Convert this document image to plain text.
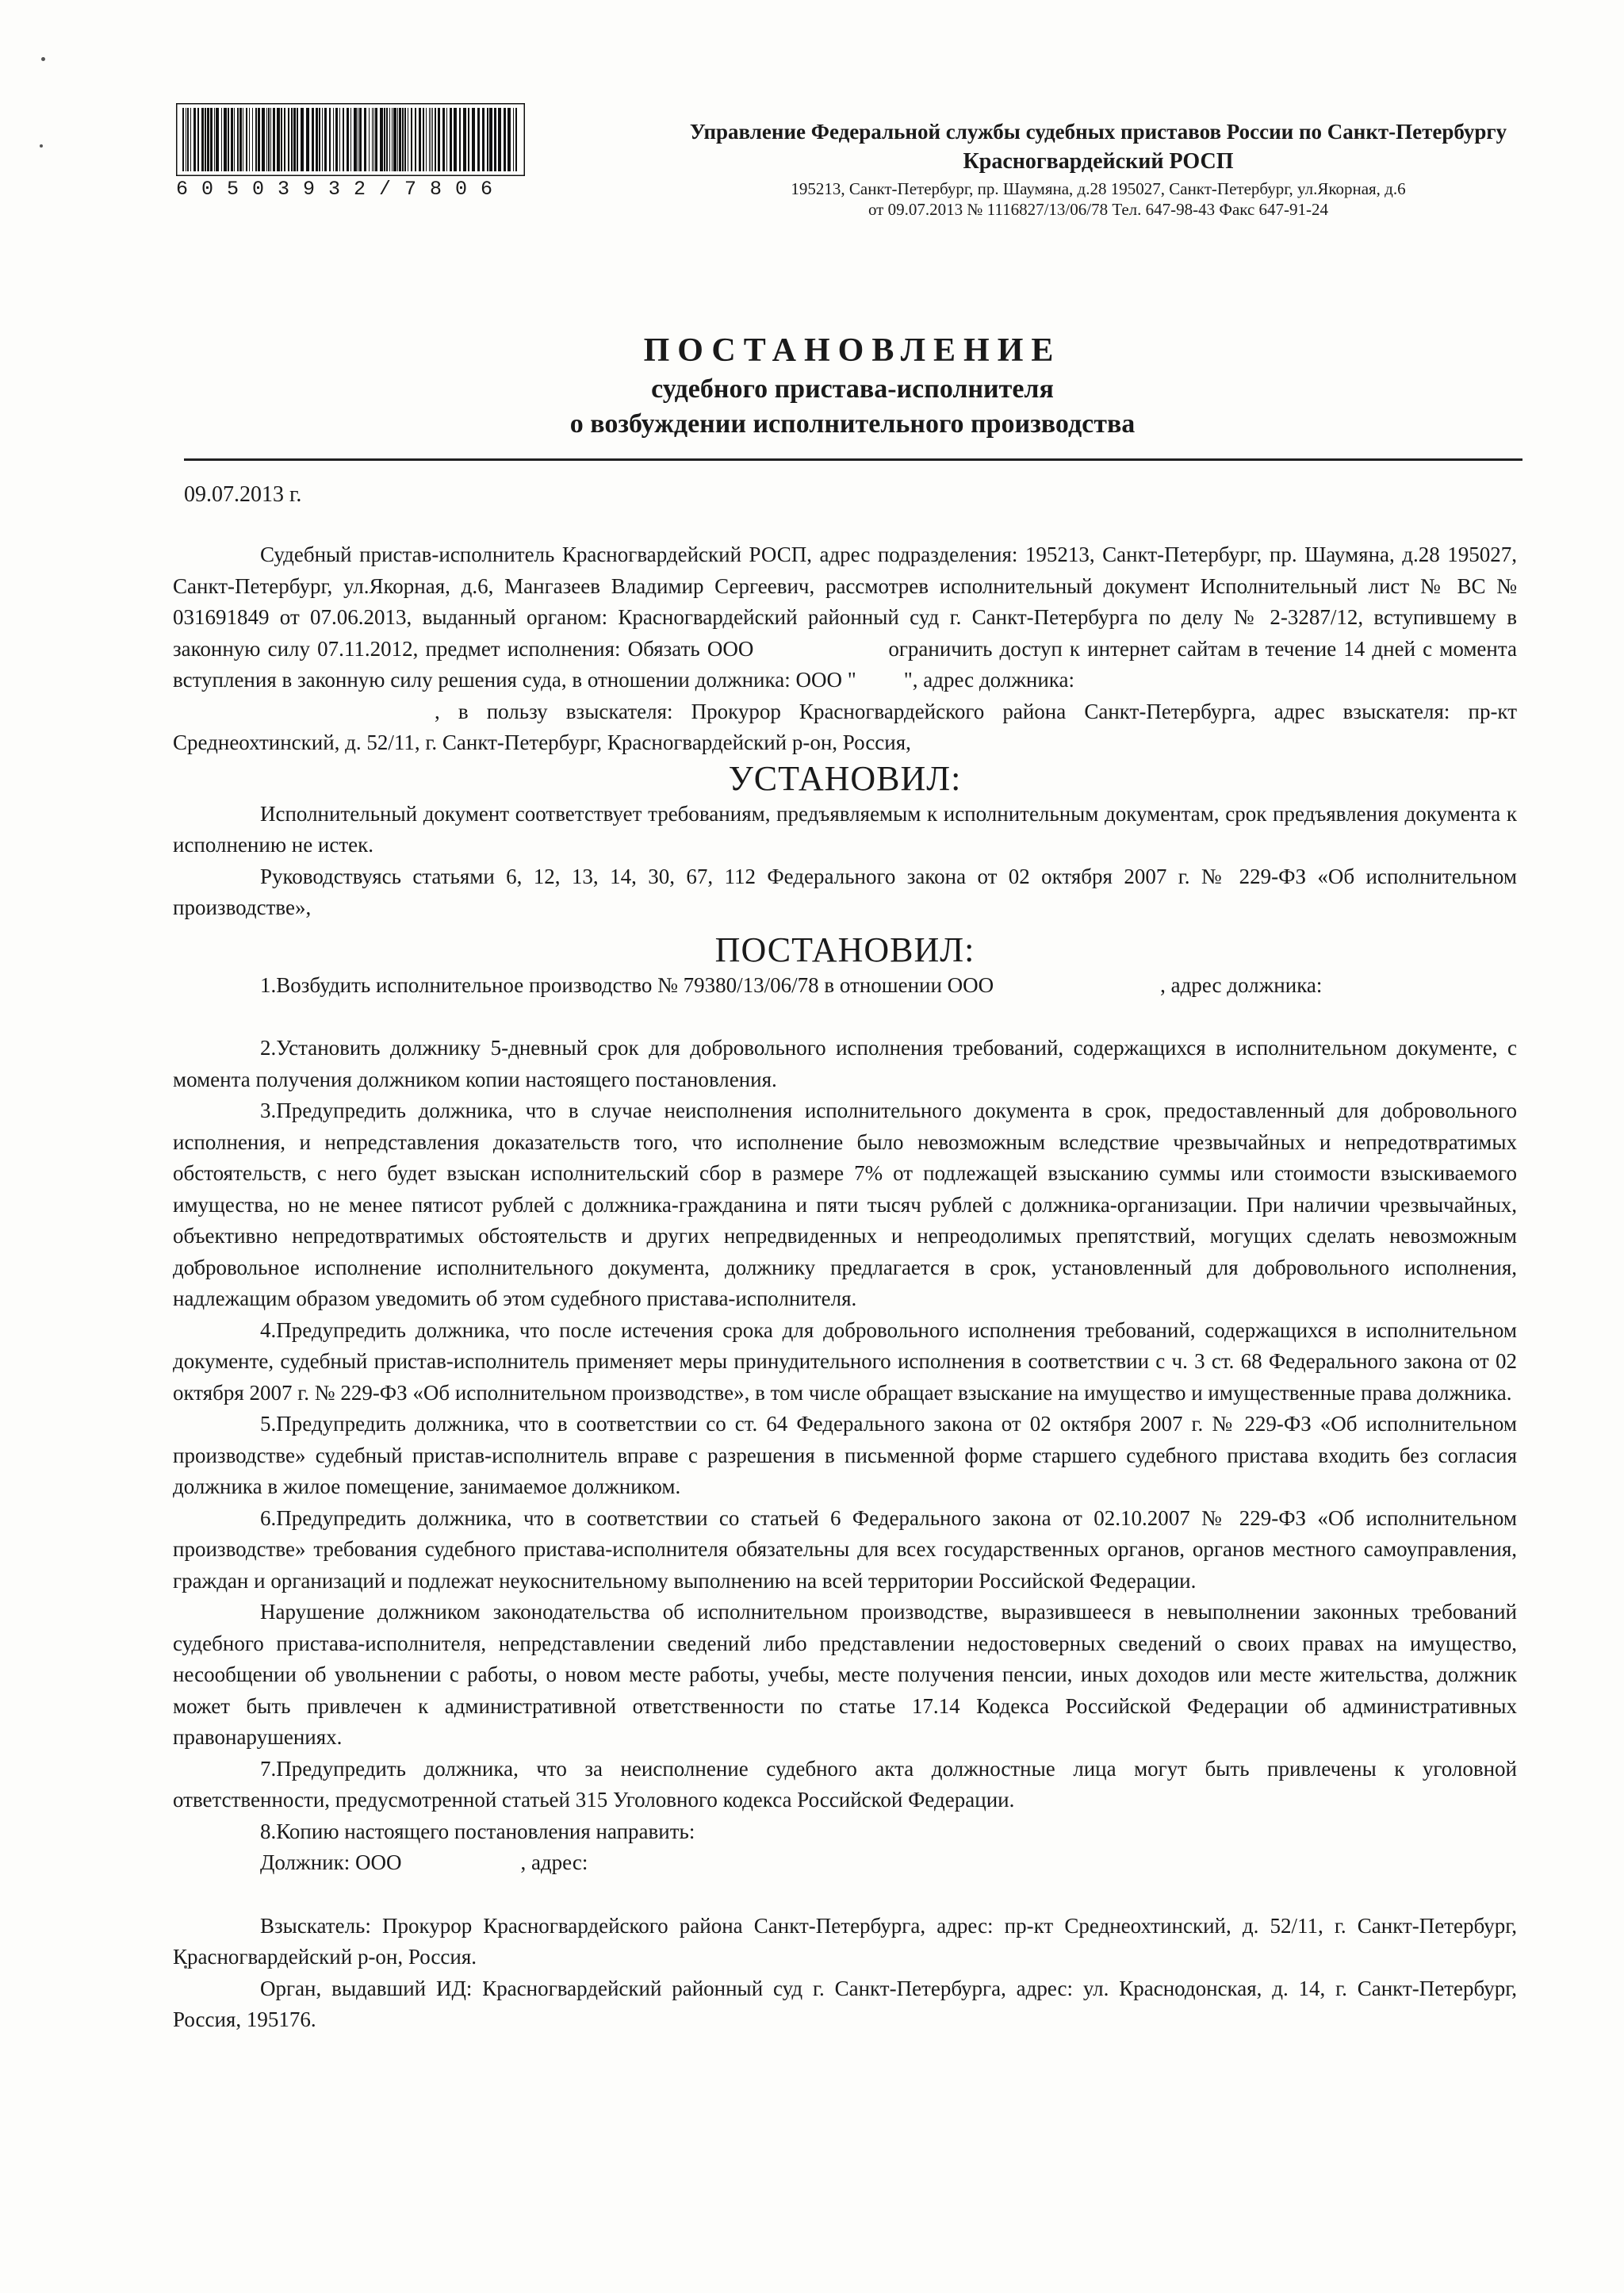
60503932/7806
Управление Федеральной службы судебных приставов России по Санкт-Петербургу
Красногвардейский РОСП
195213, Санкт-Петербург, пр. Шаумяна, д.28 195027, Санкт-Петербург, ул.Якорная, д.6
от 09.07.2013 № 1116827/13/06/78 Тел. 647-98-43 Факс 647-91-24
ПОСТАНОВЛЕНИЕ
судебного пристава-исполнителя
о возбуждении исполнительного производства
09.07.2013 г.

Судебный пристав-исполнитель Красногвардейский РОСП, адрес подразделения: 195213, Санкт-Петербург, пр. Шаумяна, д.28 195027, Санкт-Петербург, ул.Якорная, д.6, Мангазеев Владимир Сергеевич, рассмотрев исполнительный документ Исполнительный лист № ВС № 031691849 от 07.06.2013, выданный органом: Красногвардейский районный суд г. Санкт-Петербурга по делу № 2-3287/12, вступившему в законную силу 07.11.2012, предмет исполнения: Обязать ООО	ограничить доступ к интернет сайтам в течение 14 дней с момента вступления в законную силу решения суда, в отношении должника: ООО " ", адрес должника:

, в пользу взыскателя: Прокурор Красногвардейского района Санкт-Петербурга, адрес взыскателя: пр-кт Среднеохтинский, д. 52/11, г. Санкт-Петербург, Красногвардейский р-он, Россия,

УСТАНОВИЛ:

Исполнительный документ соответствует требованиям, предъявляемым к исполнительным документам, срок предъявления документа к исполнению не истек.

Руководствуясь статьями 6, 12, 13, 14, 30, 67, 112 Федерального закона от 02 октября 2007 г. № 229-ФЗ «Об исполнительном производстве»,

ПОСТАНОВИЛ:

1.Возбудить исполнительное производство № 79380/13/06/78 в отношении ООО	, адрес должника:

2.Установить должнику 5-дневный срок для добровольного исполнения требований, содержащихся в исполнительном документе, с момента получения должником копии настоящего постановления.

3.Предупредить должника, что в случае неисполнения исполнительного документа в срок, предоставленный для добровольного исполнения, и непредставления доказательств того, что исполнение было невозможным вследствие чрезвычайных и непредотвратимых обстоятельств, с него будет взыскан исполнительский сбор в размере 7% от подлежащей взысканию суммы или стоимости взыскиваемого имущества, но не менее пятисот рублей с должника-гражданина и пяти тысяч рублей с должника-организации. При наличии чрезвычайных, объективно непредотвратимых обстоятельств и других непредвиденных и непреодолимых препятствий, могущих сделать невозможным добровольное исполнение исполнительного документа, должнику предлагается в срок, установленный для добровольного исполнения, надлежащим образом уведомить об этом судебного пристава-исполнителя.

4.Предупредить должника, что после истечения срока для добровольного исполнения требований, содержащихся в исполнительном документе, судебный пристав-исполнитель применяет меры принудительного исполнения в соответствии с ч. 3 ст. 68 Федерального закона от 02 октября 2007 г. № 229-ФЗ «Об исполнительном производстве», в том числе обращает взыскание на имущество и имущественные права должника.

5.Предупредить должника, что в соответствии со ст. 64 Федерального закона от 02 октября 2007 г. № 229-ФЗ «Об исполнительном производстве» судебный пристав-исполнитель вправе с разрешения в письменной форме старшего судебного пристава входить без согласия должника в жилое помещение, занимаемое должником.

6.Предупредить должника, что в соответствии со статьей 6 Федерального закона от 02.10.2007 № 229-ФЗ «Об исполнительном производстве» требования судебного пристава-исполнителя обязательны для всех государственных органов, органов местного самоуправления, граждан и организаций и подлежат неукоснительному выполнению на всей территории Российской Федерации.

Нарушение должником законодательства об исполнительном производстве, выразившееся в невыполнении законных требований судебного пристава-исполнителя, непредставлении сведений либо представлении недостоверных сведений о своих правах на имущество, несообщении об увольнении с работы, о новом месте работы, учебы, месте получения пенсии, иных доходов или месте жительства, должник может быть привлечен к административной ответственности по статье 17.14 Кодекса Российской Федерации об административных правонарушениях.

7.Предупредить должника, что за неисполнение судебного акта должностные лица могут быть привлечены к уголовной ответственности, предусмотренной статьей 315 Уголовного кодекса Российской Федерации.

8.Копию настоящего постановления направить:

Должник: ООО	, адрес:

Взыскатель: Прокурор Красногвардейского района Санкт-Петербурга, адрес: пр-кт Среднеохтинский, д. 52/11, г. Санкт-Петербург, Красногвардейский р-он, Россия.

Орган, выдавший ИД: Красногвардейский районный суд г. Санкт-Петербурга, адрес: ул. Краснодонская, д. 14, г. Санкт-Петербург, Россия, 195176.
